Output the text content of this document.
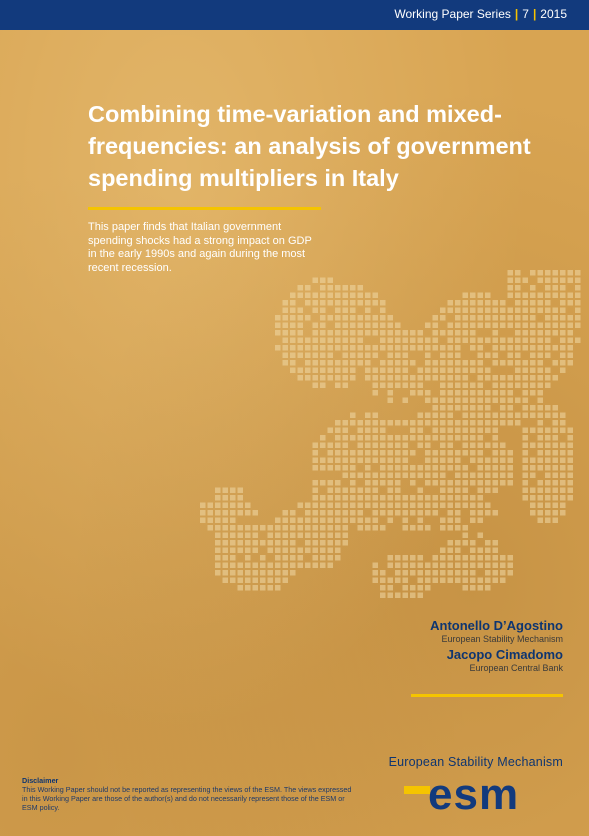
Working Paper Series | 7 | 2015
Combining time-variation and mixed-frequencies: an analysis of government spending multipliers in Italy

This paper finds that Italian government spending shocks had a strong impact on GDP in the early 1990s and again during the most recent recession.

Antonello D’Agostino
European Stability Mechanism
Jacopo Cimadomo
European Central Bank
Disclaimer
This Working Paper should not be reported as representing the views of the ESM. The views expressed in this Working Paper are those of the author(s) and do not necessarily represent those of the ESM or ESM policy.
European Stability Mechanism
esm
